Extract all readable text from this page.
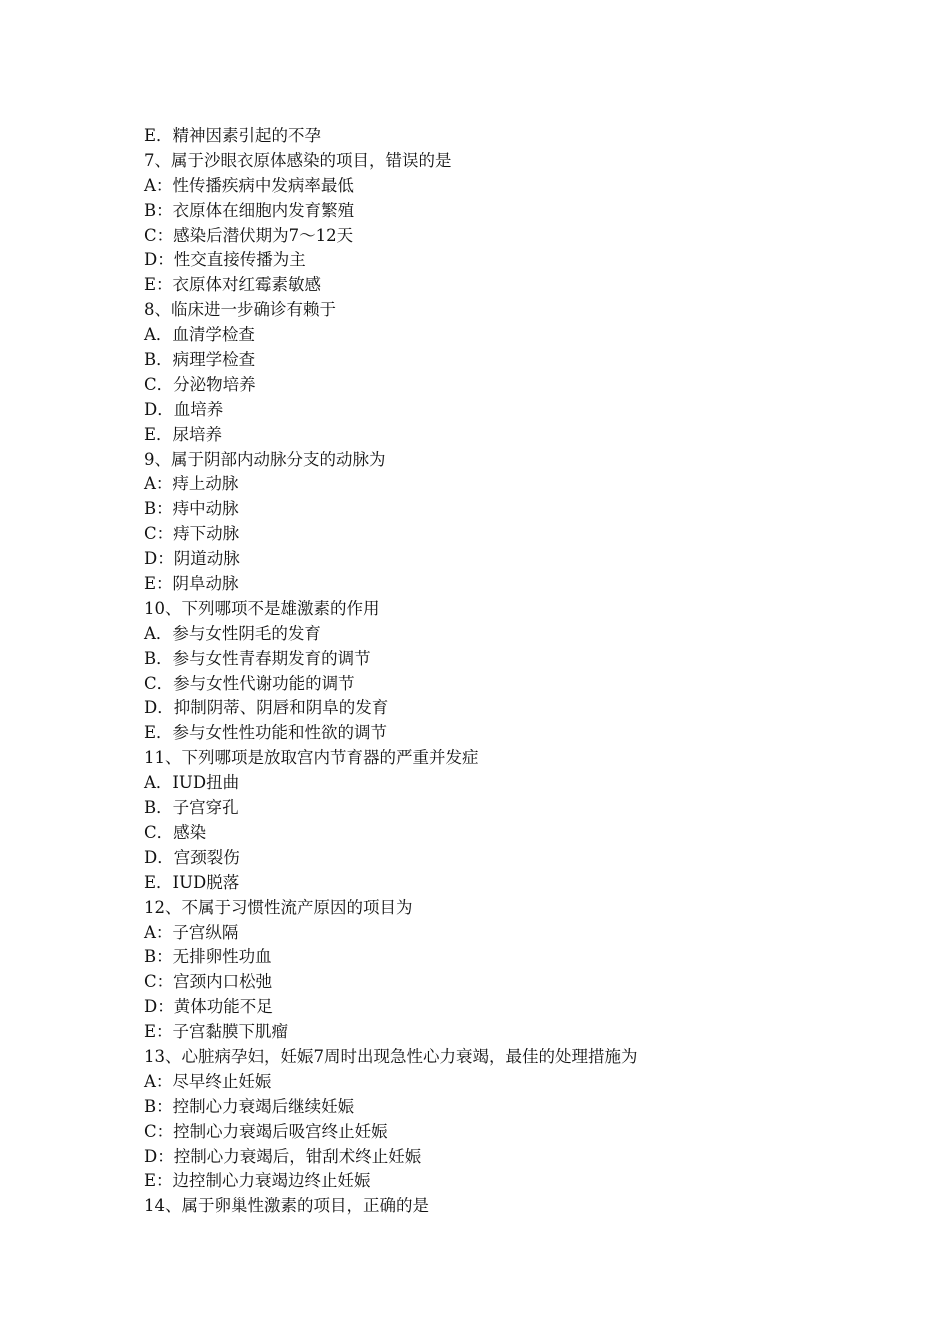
E．精神因素引起的不孕
7、属于沙眼衣原体感染的项目，错误的是
A：性传播疾病中发病率最低
B：衣原体在细胞内发育繁殖
C：感染后潜伏期为7～12天
D：性交直接传播为主
E：衣原体对红霉素敏感
8、临床进一步确诊有赖于
A．血清学检查
B．病理学检查
C．分泌物培养
D．血培养
E．尿培养
9、属于阴部内动脉分支的动脉为
A：痔上动脉
B：痔中动脉
C：痔下动脉
D：阴道动脉
E：阴阜动脉
10、下列哪项不是雄激素的作用
A．参与女性阴毛的发育
B．参与女性青春期发育的调节
C．参与女性代谢功能的调节
D．抑制阴蒂、阴唇和阴阜的发育
E．参与女性性功能和性欲的调节
11、下列哪项是放取宫内节育器的严重并发症
A．IUD扭曲
B．子宫穿孔
C．感染
D．宫颈裂伤
E．IUD脱落
12、不属于习惯性流产原因的项目为
A：子宫纵隔
B：无排卵性功血
C：宫颈内口松弛
D：黄体功能不足
E：子宫黏膜下肌瘤
13、心脏病孕妇，妊娠7周时出现急性心力衰竭，最佳的处理措施为
A：尽早终止妊娠
B：控制心力衰竭后继续妊娠
C：控制心力衰竭后吸宫终止妊娠
D：控制心力衰竭后，钳刮术终止妊娠
E：边控制心力衰竭边终止妊娠
14、属于卵巢性激素的项目，正确的是
